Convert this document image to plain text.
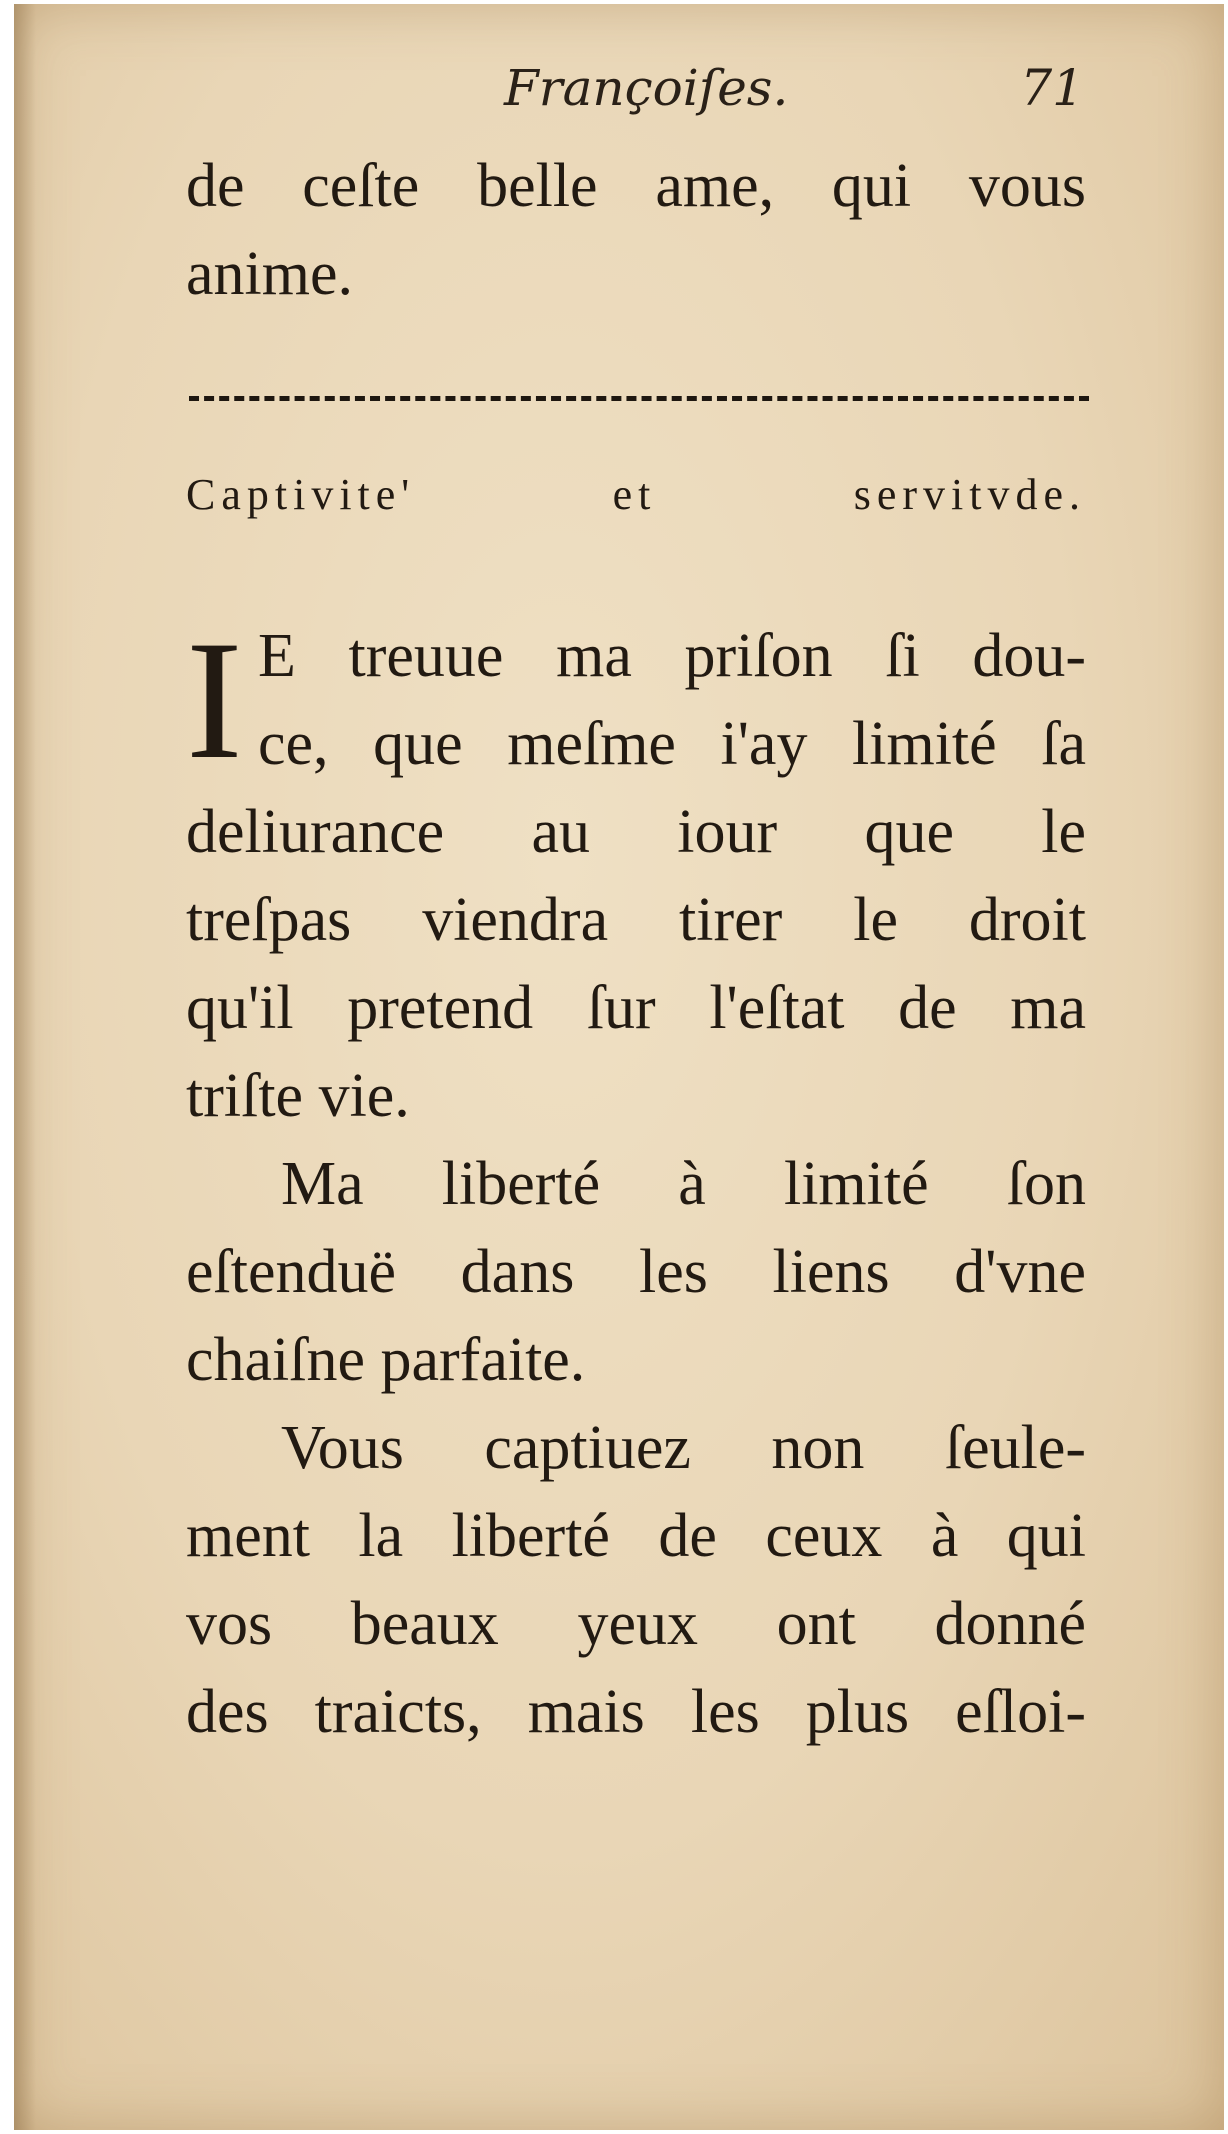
Françoiſes.	71
de ceſte belle ame, qui vous
anime.
Captivite' et servitvde.
I E treuue ma priſon ſi dou-
ce, que meſme i'ay limité ſa
deliurance au iour que le
treſpas viendra tirer le droit
qu'il pretend ſur l'eſtat de ma
triſte vie.
Ma liberté à limité ſon
eſtenduë dans les liens d'vne
chaiſne parfaite.
Vous captiuez non ſeule-
ment la liberté de ceux à qui
vos beaux yeux ont donné
des traicts, mais les plus eſloi-
